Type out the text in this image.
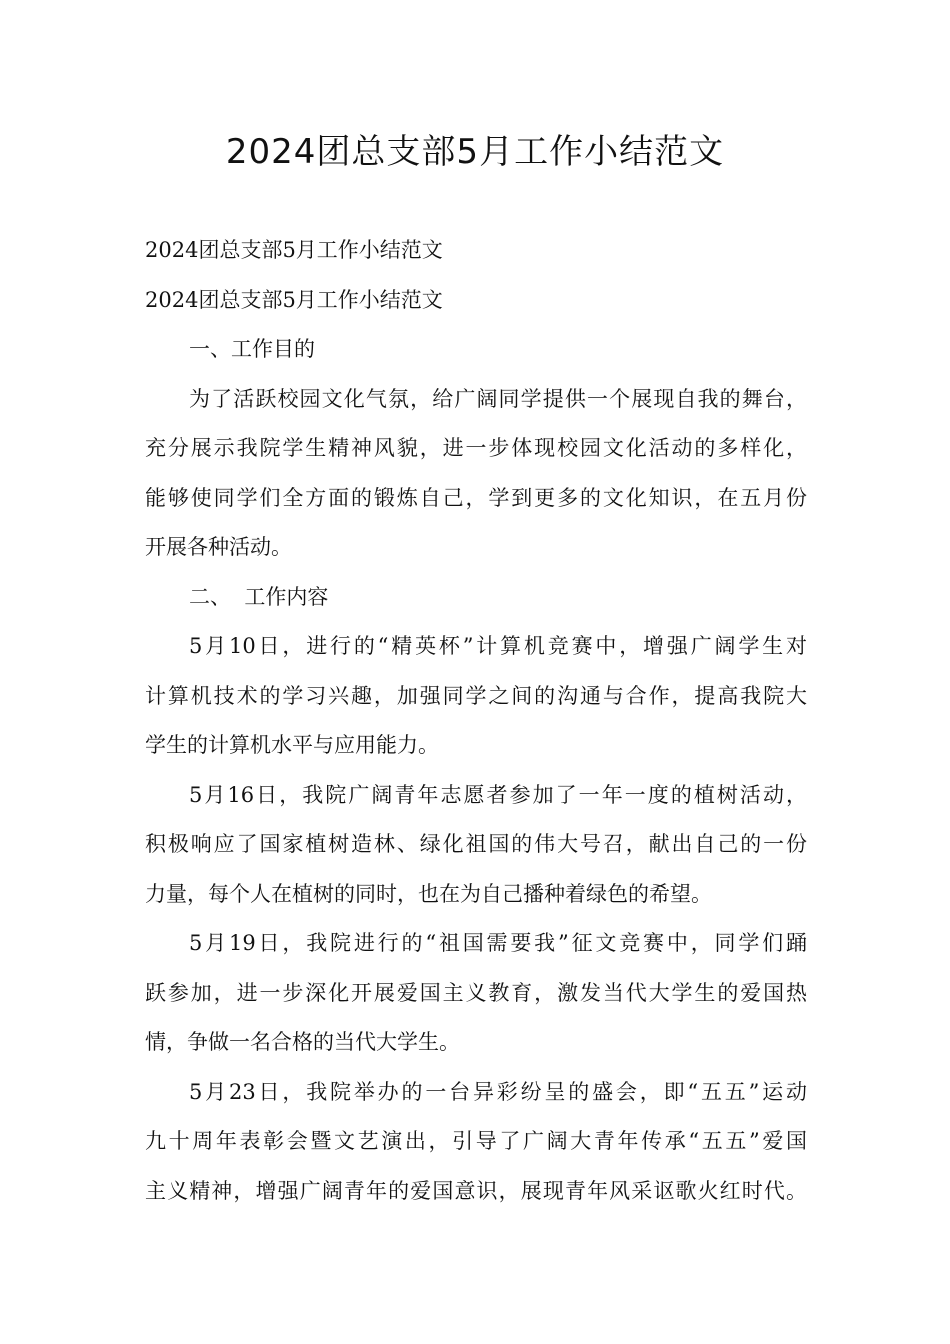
2024团总支部5月工作小结范文
2024团总支部5月工作小结范文
2024团总支部5月工作小结范文
一、工作目的
为了活跃校园文化气氛，给广阔同学提供一个展现自我的舞台，
充分展示我院学生精神风貌，进一步体现校园文化活动的多样化，
能够使同学们全方面的锻炼自己，学到更多的文化知识，在五月份
开展各种活动。
二、  工作内容
5月10日，进行的“精英杯”计算机竞赛中，增强广阔学生对
计算机技术的学习兴趣，加强同学之间的沟通与合作，提高我院大
学生的计算机水平与应用能力。
5月16日，我院广阔青年志愿者参加了一年一度的植树活动，
积极响应了国家植树造林、绿化祖国的伟大号召，献出自己的一份
力量，每个人在植树的同时，也在为自己播种着绿色的希望。
5月19日，我院进行的“祖国需要我”征文竞赛中，同学们踊
跃参加，进一步深化开展爱国主义教育，激发当代大学生的爱国热
情，争做一名合格的当代大学生。
5月23日，我院举办的一台异彩纷呈的盛会，即“五五”运动
九十周年表彰会暨文艺演出，引导了广阔大青年传承“五五”爱国
主义精神，增强广阔青年的爱国意识，展现青年风采讴歌火红时代。
